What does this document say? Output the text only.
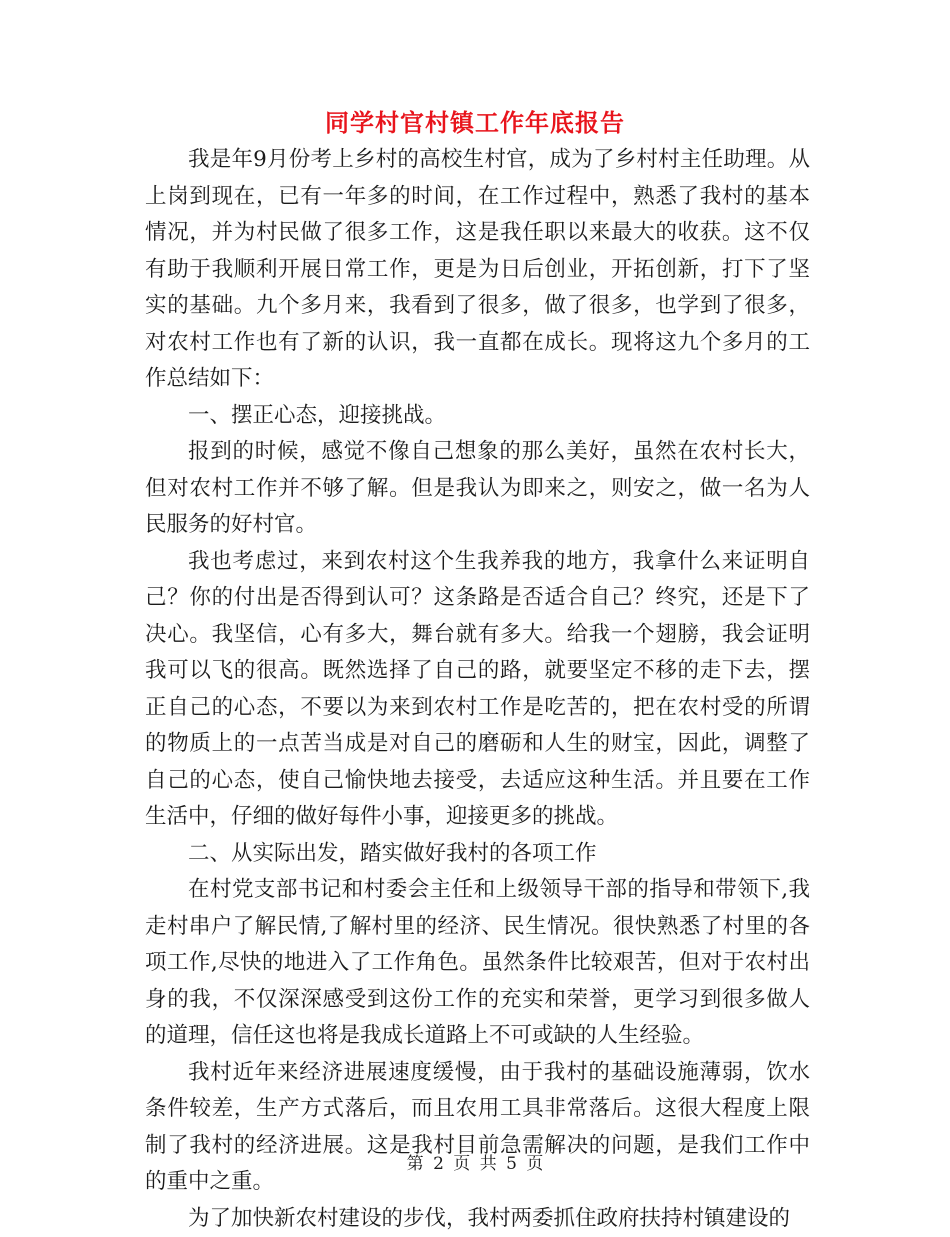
同学村官村镇工作年底报告

我是年9月份考上乡村的高校生村官，成为了乡村村主任助理。从上岗到现在，已有一年多的时间，在工作过程中，熟悉了我村的基本情况，并为村民做了很多工作，这是我任职以来最大的收获。这不仅有助于我顺利开展日常工作，更是为日后创业，开拓创新，打下了坚实的基础。九个多月来，我看到了很多，做了很多，也学到了很多，对农村工作也有了新的认识，我一直都在成长。现将这九个多月的工作总结如下：

一、摆正心态，迎接挑战。

报到的时候，感觉不像自己想象的那么美好，虽然在农村长大，但对农村工作并不够了解。但是我认为即来之，则安之，做一名为人民服务的好村官。

我也考虑过，来到农村这个生我养我的地方，我拿什么来证明自己？你的付出是否得到认可？这条路是否适合自己？终究，还是下了决心。我坚信，心有多大，舞台就有多大。给我一个翅膀，我会证明我可以飞的很高。既然选择了自己的路，就要坚定不移的走下去，摆正自己的心态，不要以为来到农村工作是吃苦的，把在农村受的所谓的物质上的一点苦当成是对自己的磨砺和人生的财宝，因此，调整了自己的心态，使自己愉快地去接受，去适应这种生活。并且要在工作生活中，仔细的做好每件小事，迎接更多的挑战。

二、从实际出发，踏实做好我村的各项工作

在村党支部书记和村委会主任和上级领导干部的指导和带领下,我走村串户了解民情,了解村里的经济、民生情况。很快熟悉了村里的各项工作,尽快的地进入了工作角色。虽然条件比较艰苦，但对于农村出身的我，不仅深深感受到这份工作的充实和荣誉，更学习到很多做人的道理，信任这也将是我成长道路上不可或缺的人生经验。

我村近年来经济进展速度缓慢，由于我村的基础设施薄弱，饮水条件较差，生产方式落后，而且农用工具非常落后。这很大程度上限制了我村的经济进展。这是我村目前急需解决的问题，是我们工作中的重中之重。

为了加快新农村建设的步伐，我村两委抓住政府扶持村镇建设的

第 2 页 共 5 页
